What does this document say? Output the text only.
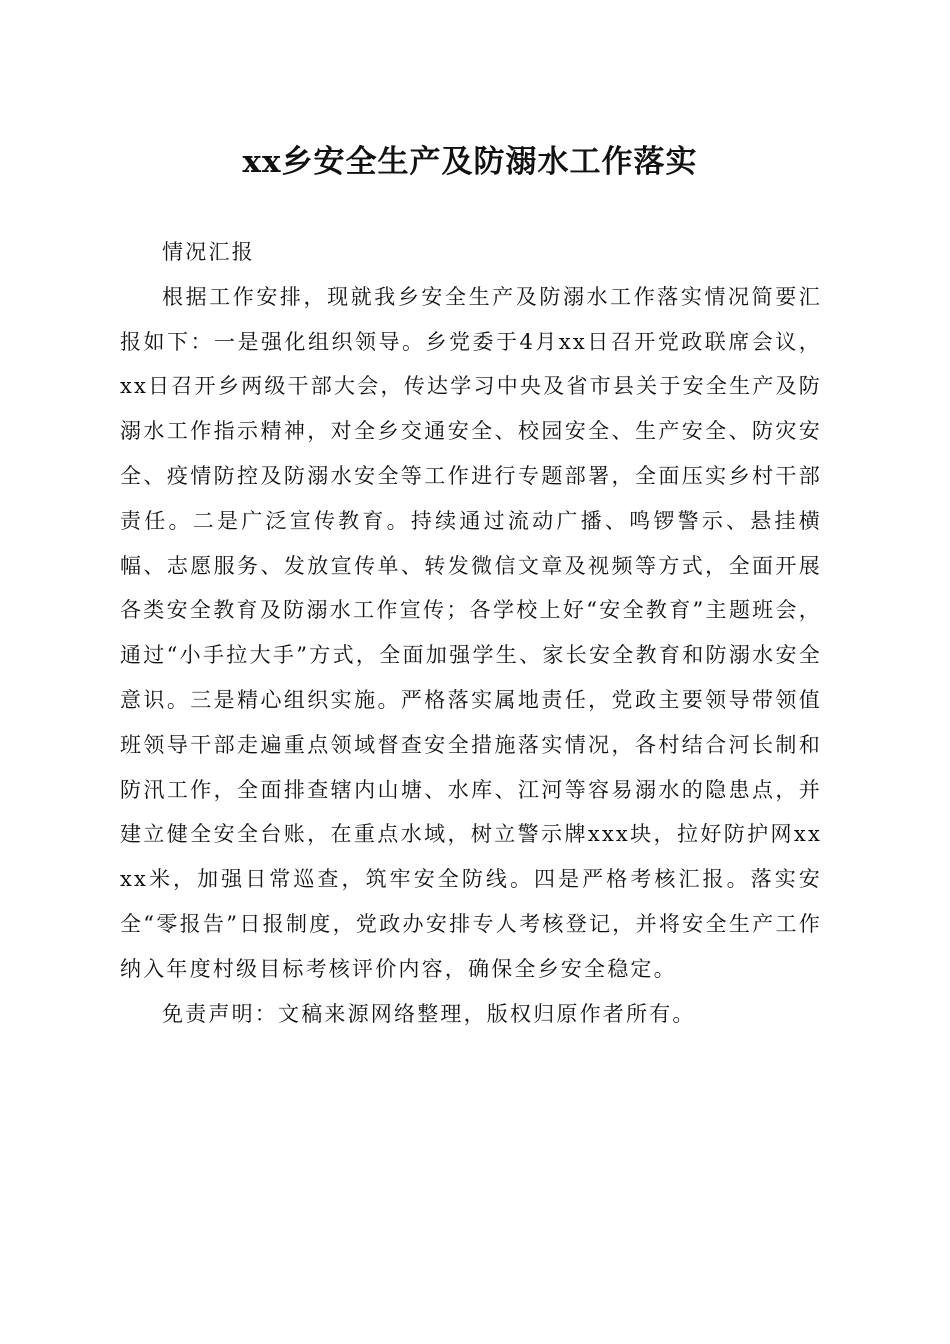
xx乡安全生产及防溺水工作落实

情况汇报

根据工作安排，现就我乡安全生产及防溺水工作落实情况简要汇报如下：一是强化组织领导。乡党委于4月xx日召开党政联席会议，xx日召开乡两级干部大会，传达学习中央及省市县关于安全生产及防溺水工作指示精神，对全乡交通安全、校园安全、生产安全、防灾安全、疫情防控及防溺水安全等工作进行专题部署，全面压实乡村干部责任。二是广泛宣传教育。持续通过流动广播、鸣锣警示、悬挂横幅、志愿服务、发放宣传单、转发微信文章及视频等方式，全面开展各类安全教育及防溺水工作宣传；各学校上好“安全教育”主题班会，通过“小手拉大手”方式，全面加强学生、家长安全教育和防溺水安全意识。三是精心组织实施。严格落实属地责任，党政主要领导带领值班领导干部走遍重点领域督查安全措施落实情况，各村结合河长制和防汛工作，全面排查辖内山塘、水库、江河等容易溺水的隐患点，并建立健全安全台账，在重点水域，树立警示牌xxx块，拉好防护网xxxx米，加强日常巡查，筑牢安全防线。四是严格考核汇报。落实安全“零报告”日报制度，党政办安排专人考核登记，并将安全生产工作纳入年度村级目标考核评价内容，确保全乡安全稳定。

免责声明：文稿来源网络整理，版权归原作者所有。
